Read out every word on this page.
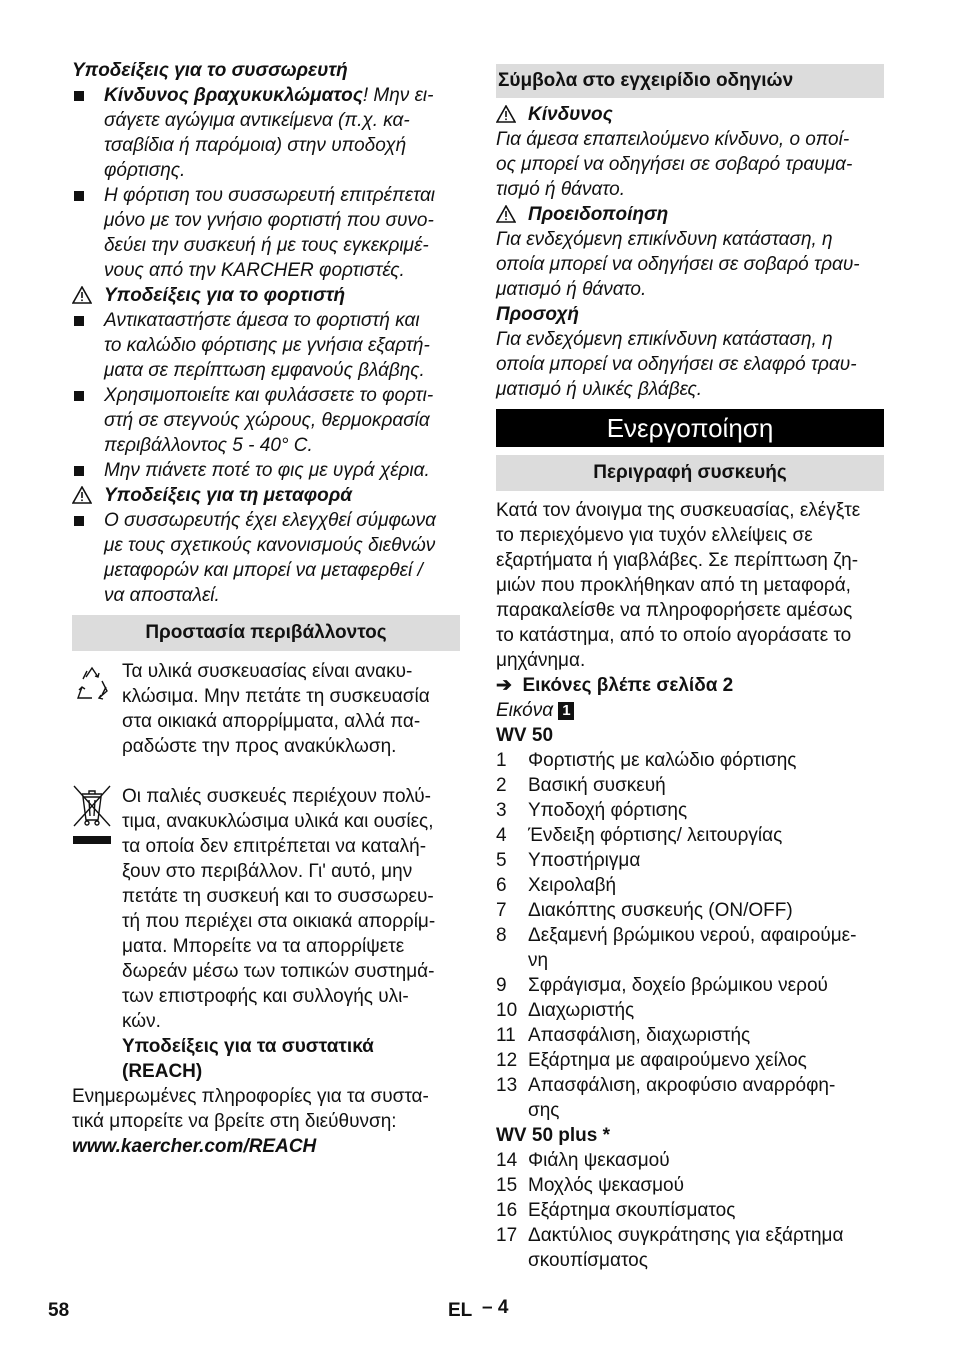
Υποδείξεις για το συσσωρευτή
Κίνδυνος βραχυκυκλώματος! Μην ει-
σάγετε αγώγιμα αντικείμενα (π.χ. κα-
τσαβίδια ή παρόμοια) στην υποδοχή
φόρτισης.
Η φόρτιση του συσσωρευτή επιτρέπεται
μόνο με τον γνήσιο φορτιστή που συνο-
δεύει την συσκευή ή με τους εγκεκριμέ-
νους από την KARCHER φορτιστές.
Υποδείξεις για το φορτιστή
Αντικαταστήστε άμεσα το φορτιστή και
το καλώδιο φόρτισης με γνήσια εξαρτή-
ματα σε περίπτωση εμφανούς βλάβης.
Χρησιμοποιείτε και φυλάσσετε το φορτι-
στή σε στεγνούς χώρους, θερμοκρασία
περιβάλλοντος 5 - 40° C.
Μην πιάνετε ποτέ το φις με υγρά χέρια.
Υποδείξεις για τη μεταφορά
Ο συσσωρευτής έχει ελεγχθεί σύμφωνα
με τους σχετικούς κανονισμούς διεθνών
μεταφορών και μπορεί να μεταφερθεί /
να αποσταλεί.
Προστασία περιβάλλοντος
Τα υλικά συσκευασίας είναι ανακυ-
κλώσιμα. Μην πετάτε τη συσκευασία
στα οικιακά απορρίμματα, αλλά πα-
ραδώστε την προς ανακύκλωση.
Οι παλιές συσκευές περιέχουν πολύ-
τιμα, ανακυκλώσιμα υλικά και ουσίες,
τα οποία δεν επιτρέπεται να καταλή-
ξουν στο περιβάλλον. Γι' αυτό, μην
πετάτε τη συσκευή και το συσσωρευ-
τή που περιέχει στα οικιακά απορρίμ-
ματα. Μπορείτε να τα απορρίψετε
δωρεάν μέσω των τοπικών συστημά-
των επιστροφής και συλλογής υλι-
κών.
Υποδείξεις για τα συστατικά
(REACH)
Ενημερωμένες πληροφορίες για τα συστα-
τικά μπορείτε να βρείτε στη διεύθυνση:
www.kaercher.com/REACH
Σύμβολα στο εγχειρίδιο οδηγιών
Κίνδυνος
Για άμεσα επαπειλούμενο κίνδυνο, ο οποί-
ος μπορεί να οδηγήσει σε σοβαρό τραυμα-
τισμό ή θάνατο.
Προειδοποίηση
Για ενδεχόμενη επικίνδυνη κατάσταση, η
οποία μπορεί να οδηγήσει σε σοβαρό τραυ-
ματισμό ή θάνατο.
Προσοχή
Για ενδεχόμενη επικίνδυνη κατάσταση, η
οποία μπορεί να οδηγήσει σε ελαφρό τραυ-
ματισμό ή υλικές βλάβες.
Ενεργοποίηση
Περιγραφή συσκευής
Κατά τον άνοιγμα της συσκευασίας, ελέγξτε
το περιεχόμενο για τυχόν ελλείψεις σε
εξαρτήματα ή γιαβλάβες. Σε περίπτωση ζη-
μιών που προκλήθηκαν από τη μεταφορά,
παρακαλείσθε να πληροφορήσετε αμέσως
το κατάστημα, από το οποίο αγοράσατε το
μηχάνημα.
➔ Εικόνες βλέπε σελίδα 2
Εικόνα 1
WV 50
1 Φορτιστής με καλώδιο φόρτισης
2 Βασική συσκευή
3 Υποδοχή φόρτισης
4 Ένδειξη φόρτισης/ λειτουργίας
5 Υποστήριγμα
6 Χειρολαβή
7 Διακόπτης συσκευής (ON/OFF)
8 Δεξαμενή βρώμικου νερού, αφαιρούμε-
νη
9 Σφράγισμα, δοχείο βρώμικου νερού
10 Διαχωριστής
11 Απασφάλιση, διαχωριστής
12 Εξάρτημα με αφαιρούμενο χείλος
13 Απασφάλιση, ακροφύσιο αναρρόφη-
σης
WV 50 plus *
14 Φιάλη ψεκασμού
15 Μοχλός ψεκασμού
16 Εξάρτημα σκουπίσματος
17 Δακτύλιος συγκράτησης για εξάρτημα
σκουπίσματος
58	EL – 4
